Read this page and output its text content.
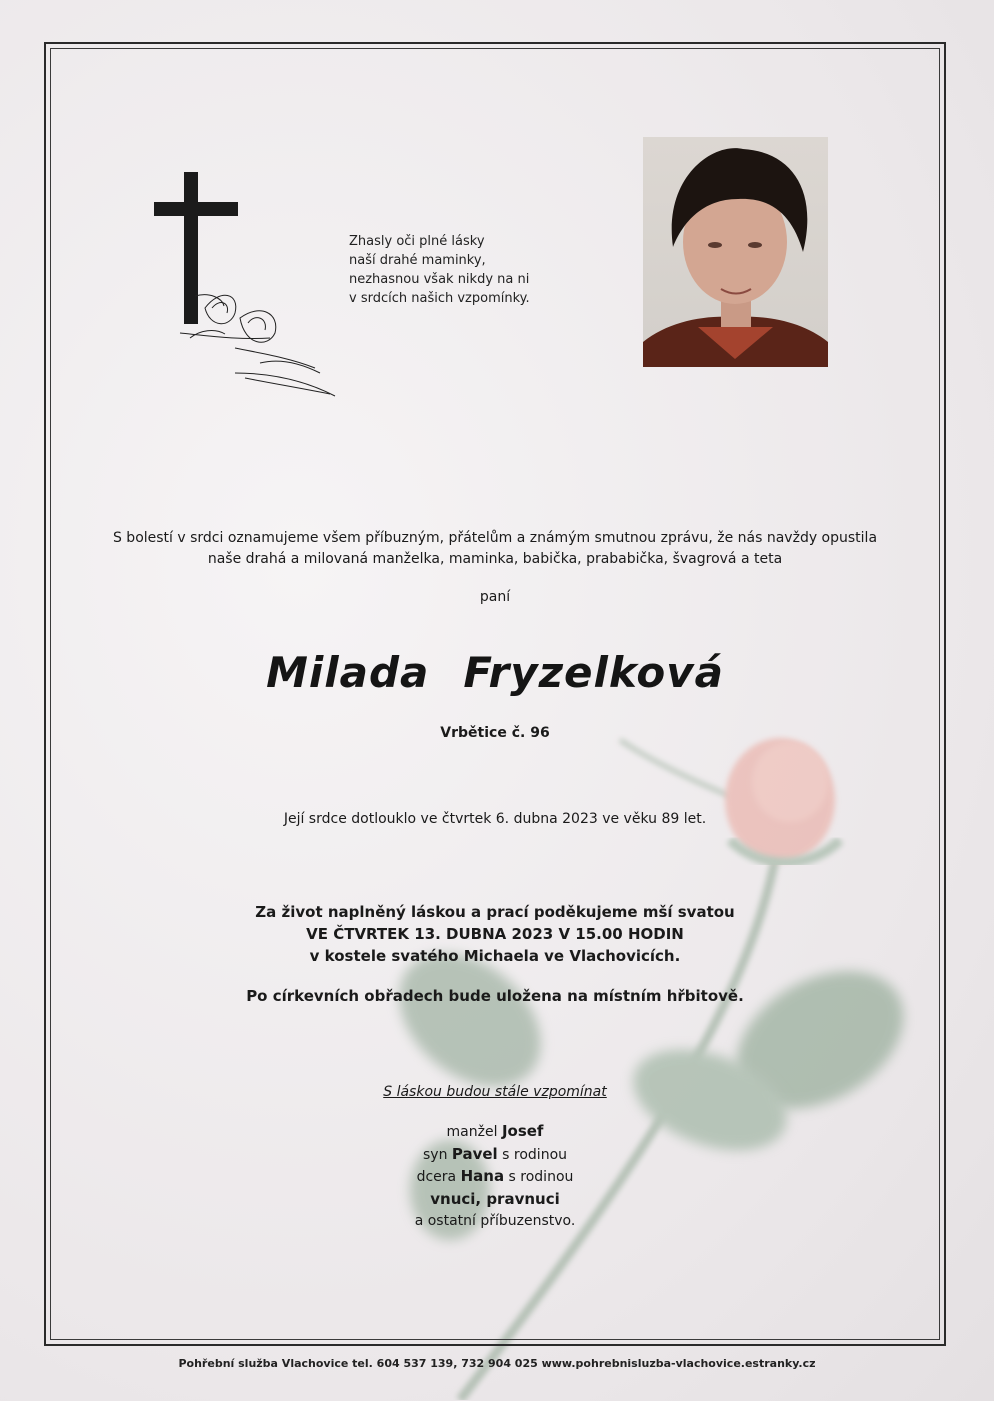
Zhasly oči plné lásky
naší drahé maminky,
nezhasnou však nikdy na ni
v srdcích našich vzpomínky.
S bolestí v srdci oznamujeme všem příbuzným, přátelům a známým smutnou zprávu, že nás navždy opustila
naše drahá a milovaná manželka, maminka, babička, prababička, švagrová a teta
paní
Milada Fryzelková
Vrbětice č. 96
Její srdce dotlouklo ve čtvrtek 6. dubna 2023 ve věku 89 let.
Za život naplněný láskou a prací poděkujeme mší svatou
VE ČTVRTEK 13. DUBNA 2023 V 15.00 HODIN
v kostele svatého Michaela ve Vlachovicích.
Po církevních obřadech bude uložena na místním hřbitově.
S láskou budou stále vzpomínat
manžel Josef
syn Pavel s rodinou
dcera Hana s rodinou
vnuci, pravnuci
a ostatní příbuzenstvo.
Pohřební služba Vlachovice tel. 604 537 139, 732 904 025 www.pohrebnisluzba-vlachovice.estranky.cz
